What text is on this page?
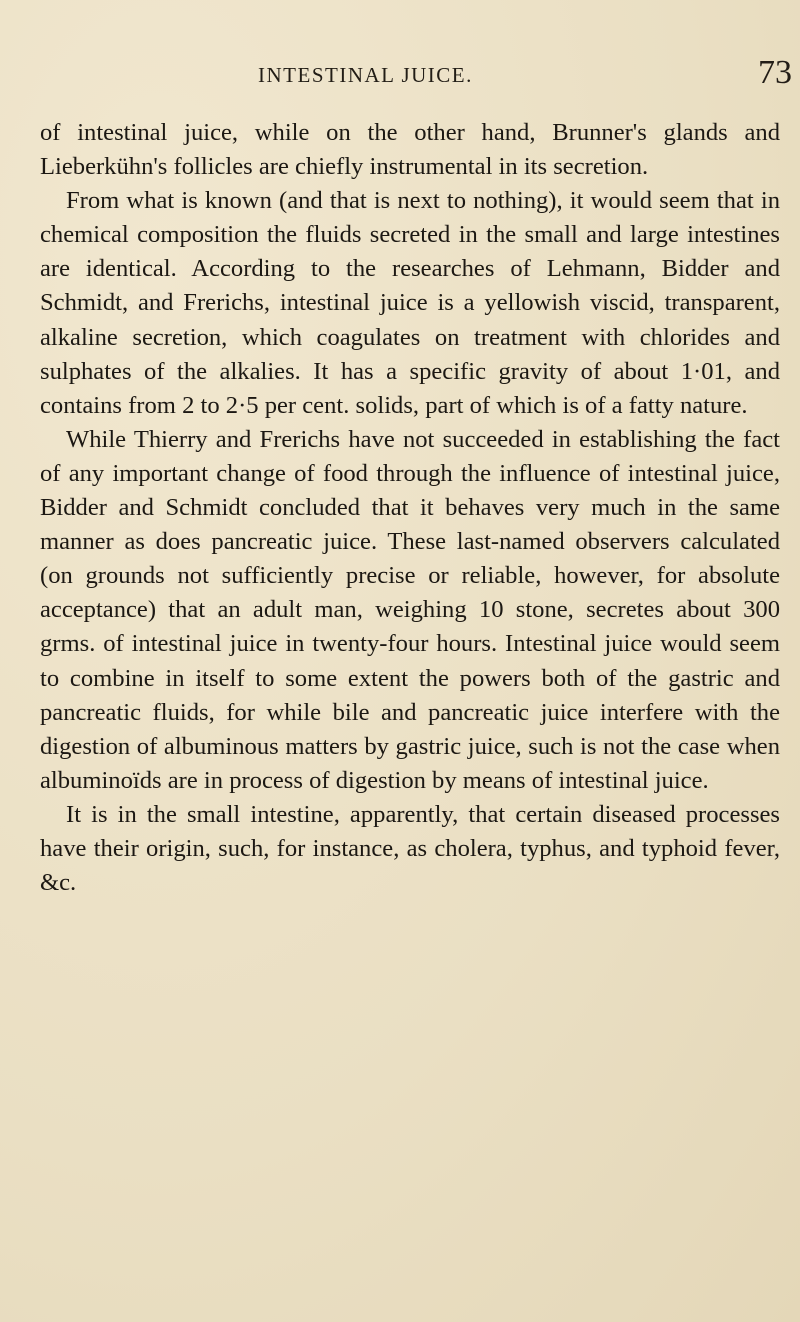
INTESTINAL JUICE.	73

of intestinal juice, while on the other hand, Brunner's glands and Lieberkühn's follicles are chiefly instrumental in its secretion.

From what is known (and that is next to nothing), it would seem that in chemical composition the fluids secreted in the small and large intestines are identical. According to the researches of Lehmann, Bidder and Schmidt, and Frerichs, intestinal juice is a yellowish viscid, transparent, alkaline secretion, which coagulates on treatment with chlorides and sulphates of the alkalies. It has a specific gravity of about 1·01, and contains from 2 to 2·5 per cent. solids, part of which is of a fatty nature.

While Thierry and Frerichs have not succeeded in establishing the fact of any important change of food through the influence of intestinal juice, Bidder and Schmidt concluded that it behaves very much in the same manner as does pancreatic juice. These last-named observers calculated (on grounds not sufficiently precise or reliable, however, for absolute acceptance) that an adult man, weighing 10 stone, secretes about 300 grms. of intestinal juice in twenty-four hours. Intestinal juice would seem to combine in itself to some extent the powers both of the gastric and pancreatic fluids, for while bile and pancreatic juice interfere with the digestion of albuminous matters by gastric juice, such is not the case when albuminoïds are in process of digestion by means of intestinal juice.

It is in the small intestine, apparently, that certain diseased processes have their origin, such, for instance, as cholera, typhus, and typhoid fever, &c.
